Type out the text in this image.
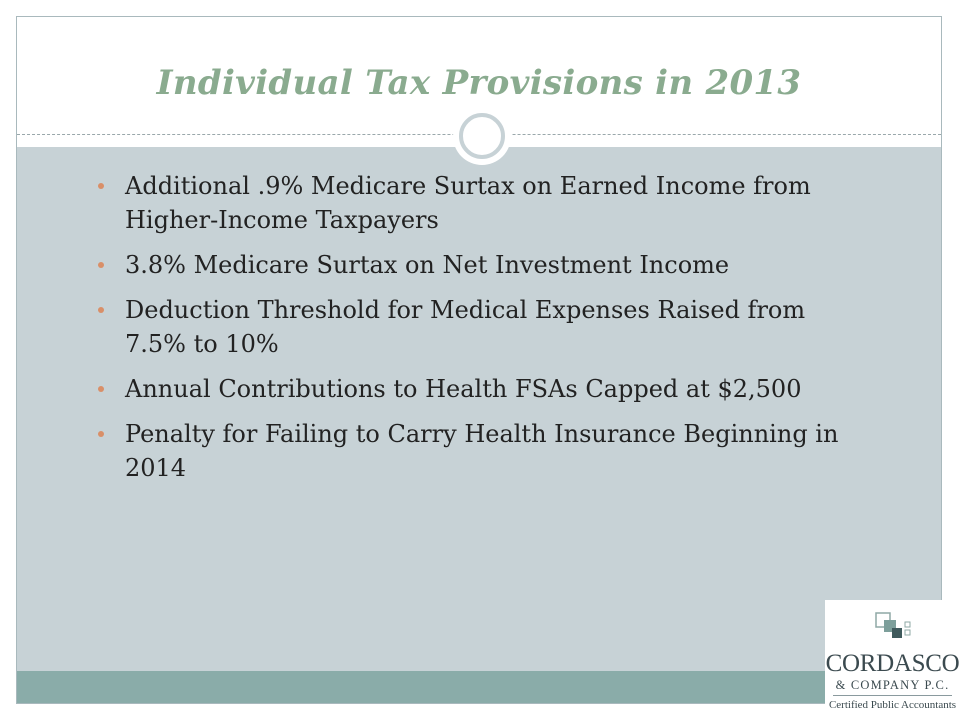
Individual Tax Provisions in 2013
Additional .9% Medicare Surtax on Earned Income from Higher-Income Taxpayers
3.8% Medicare Surtax on Net Investment Income
Deduction Threshold for Medical Expenses Raised from 7.5% to 10%
Annual Contributions to Health FSAs Capped at $2,500
Penalty for Failing to Carry Health Insurance Beginning in 2014
CORDASCO
& COMPANY P.C.
Certified Public Accountants
